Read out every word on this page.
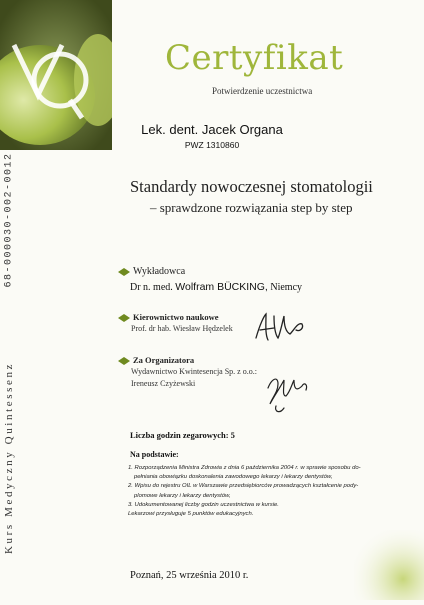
68-000030-002-0012
Kurs Medyczny Quintessenz
Certyfikat
Potwierdzenie uczestnictwa
Lek. dent. Jacek Organa
PWZ 1310860
Standardy nowoczesnej stomatologii
– sprawdzone rozwiązania step by step
Wykładowca
Dr n. med. Wolfram BÜCKING, Niemcy
Kierownictwo naukowe
Prof. dr hab. Wiesław Hędzelek
Za Organizatora
Wydawnictwo Kwintesencja Sp. z o.o.:
Ireneusz Czyżewski
Liczba godzin zegarowych: 5
Na podstawie:

1. Rozporządzenia Ministra Zdrowia z dnia 6 października 2004 r. w sprawie sposobu do-

pełniania obowiązku doskonalenia zawodowego lekarzy i lekarzy dentystów,

2. Wpisu do rejestru OIL w Warszawie przedsiębiorców prowadzących kształcenie pody-

plomowe lekarzy i lekarzy dentystów,

3. Udokumentowanej liczby godzin uczestnictwa w kursie.

Lekarzowi przysługuje 5 punktów edukacyjnych.

Poznań, 25 września 2010 r.
